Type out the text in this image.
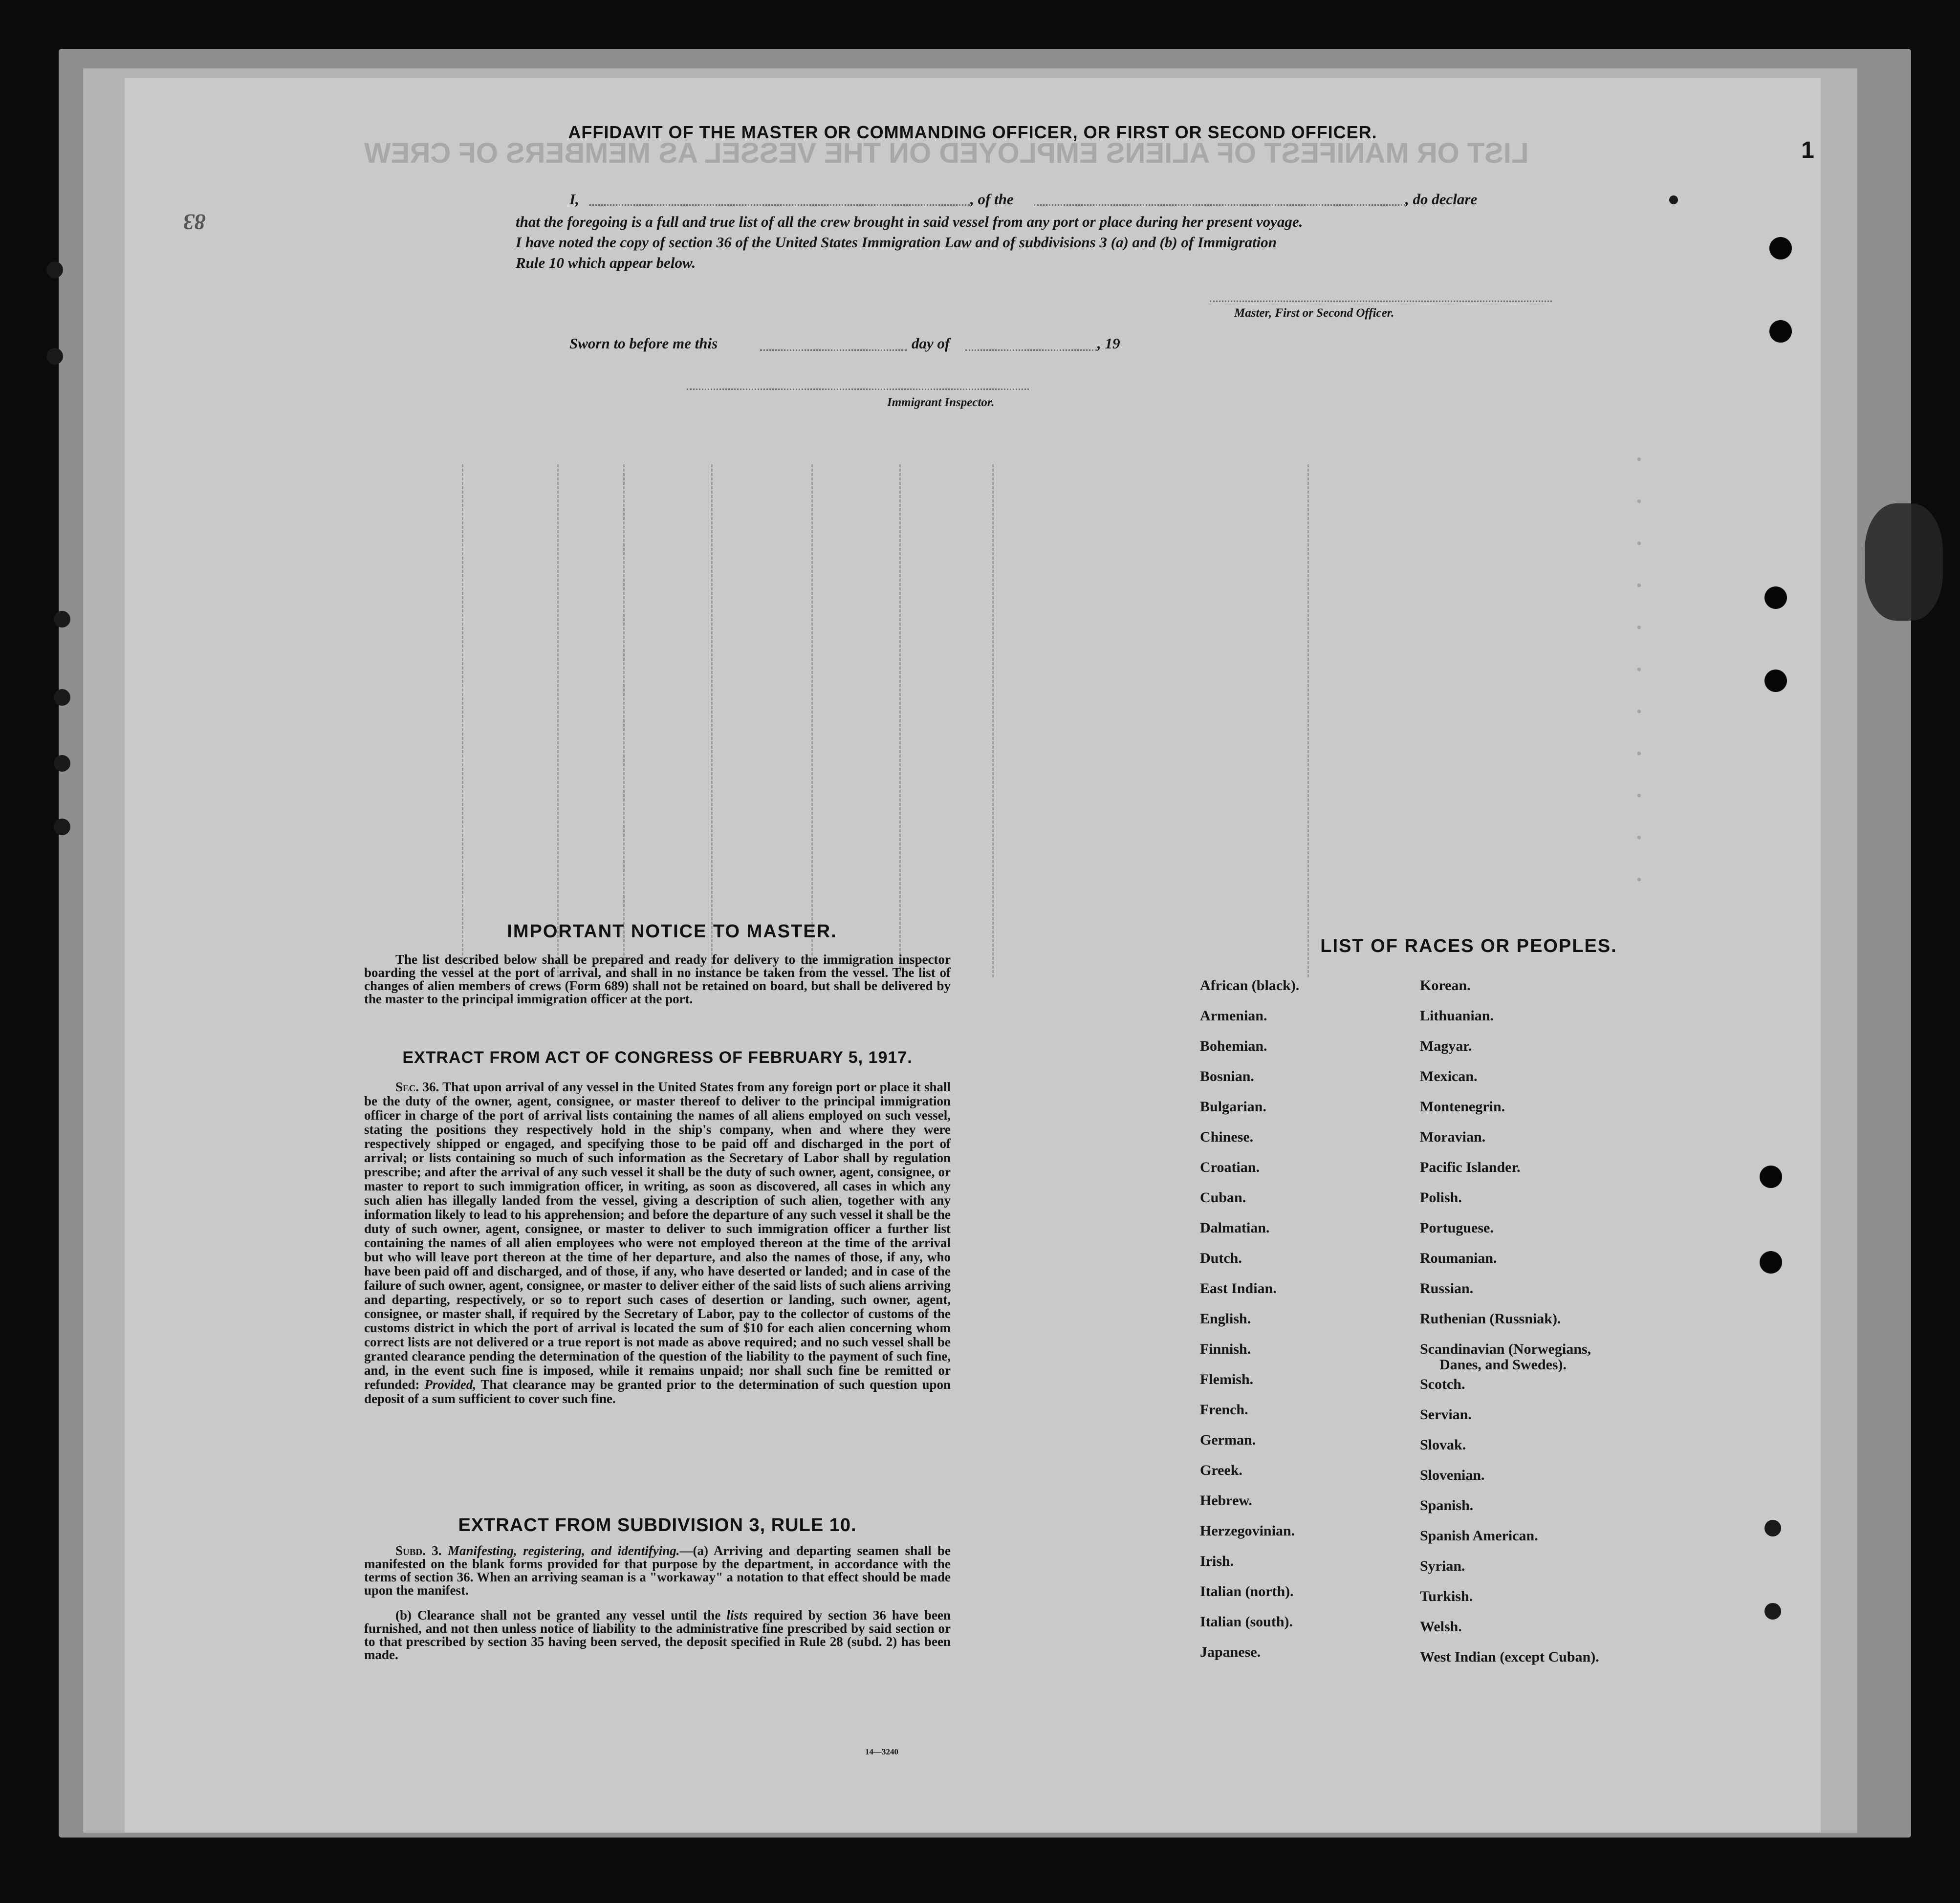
LIST OR MANIFEST OF ALIENS EMPLOYED ON THE VESSEL AS MEMBERS OF CREW
•
•
•
•
•
•
•
•
•
•
•
AFFIDAVIT OF THE MASTER OR COMMANDING OFFICER, OR FIRST OR SECOND OFFICER.
83
1
I,	, of the	, do declare
that the foregoing is a full and true list of all the crew brought in said vessel from any port or place during her present voyage.
I have noted the copy of section 36 of the United States Immigration Law and of subdivisions 3 (a) and (b) of Immigration
Rule 10 which appear below.
Master, First or Second Officer.
Sworn to before me this	day of	, 19
Immigrant Inspector.
IMPORTANT NOTICE TO MASTER.
The list described below shall be prepared and ready for delivery to the immigration inspector boarding the vessel at the port of arrival, and shall in no instance be taken from the vessel. The list of changes of alien members of crews (Form 689) shall not be retained on board, but shall be delivered by the master to the principal immigration officer at the port.
EXTRACT FROM ACT OF CONGRESS OF FEBRUARY 5, 1917.
Sec. 36. That upon arrival of any vessel in the United States from any foreign port or place it shall be the duty of the owner, agent, consignee, or master thereof to deliver to the principal immigration officer in charge of the port of arrival lists containing the names of all aliens employed on such vessel, stating the positions they respectively hold in the ship's company, when and where they were respectively shipped or engaged, and specifying those to be paid off and discharged in the port of arrival; or lists containing so much of such information as the Secretary of Labor shall by regulation prescribe; and after the arrival of any such vessel it shall be the duty of such owner, agent, consignee, or master to report to such immigration officer, in writing, as soon as discovered, all cases in which any such alien has illegally landed from the vessel, giving a description of such alien, together with any information likely to lead to his apprehension; and before the departure of any such vessel it shall be the duty of such owner, agent, consignee, or master to deliver to such immigration officer a further list containing the names of all alien employees who were not employed thereon at the time of the arrival but who will leave port thereon at the time of her departure, and also the names of those, if any, who have been paid off and discharged, and of those, if any, who have deserted or landed; and in case of the failure of such owner, agent, consignee, or master to deliver either of the said lists of such aliens arriving and departing, respectively, or so to report such cases of desertion or landing, such owner, agent, consignee, or master shall, if required by the Secretary of Labor, pay to the collector of customs of the customs district in which the port of arrival is located the sum of $10 for each alien concerning whom correct lists are not delivered or a true report is not made as above required; and no such vessel shall be granted clearance pending the determination of the question of the liability to the payment of such fine, and, in the event such fine is imposed, while it remains unpaid; nor shall such fine be remitted or refunded: Provided, That clearance may be granted prior to the determination of such question upon deposit of a sum sufficient to cover such fine.
EXTRACT FROM SUBDIVISION 3, RULE 10.
Subd. 3. Manifesting, registering, and identifying.—(a) Arriving and departing seamen shall be manifested on the blank forms provided for that purpose by the department, in accordance with the terms of section 36. When an arriving seaman is a "workaway" a notation to that effect should be made upon the manifest.
(b) Clearance shall not be granted any vessel until the lists required by section 36 have been furnished, and not then unless notice of liability to the administrative fine prescribed by said section or to that prescribed by section 35 having been served, the deposit specified in Rule 28 (subd. 2) has been made.
14—3240
LIST OF RACES OR PEOPLES.
African (black).
Armenian.
Bohemian.
Bosnian.
Bulgarian.
Chinese.
Croatian.
Cuban.
Dalmatian.
Dutch.
East Indian.
English.
Finnish.
Flemish.
French.
German.
Greek.
Hebrew.
Herzegovinian.
Irish.
Italian (north).
Italian (south).
Japanese.
Korean.
Lithuanian.
Magyar.
Mexican.
Montenegrin.
Moravian.
Pacific Islander.
Polish.
Portuguese.
Roumanian.
Russian.
Ruthenian (Russniak).
Scandinavian (Norwegians,
Danes, and Swedes).
Scotch.
Servian.
Slovak.
Slovenian.
Spanish.
Spanish American.
Syrian.
Turkish.
Welsh.
West Indian (except Cuban).
